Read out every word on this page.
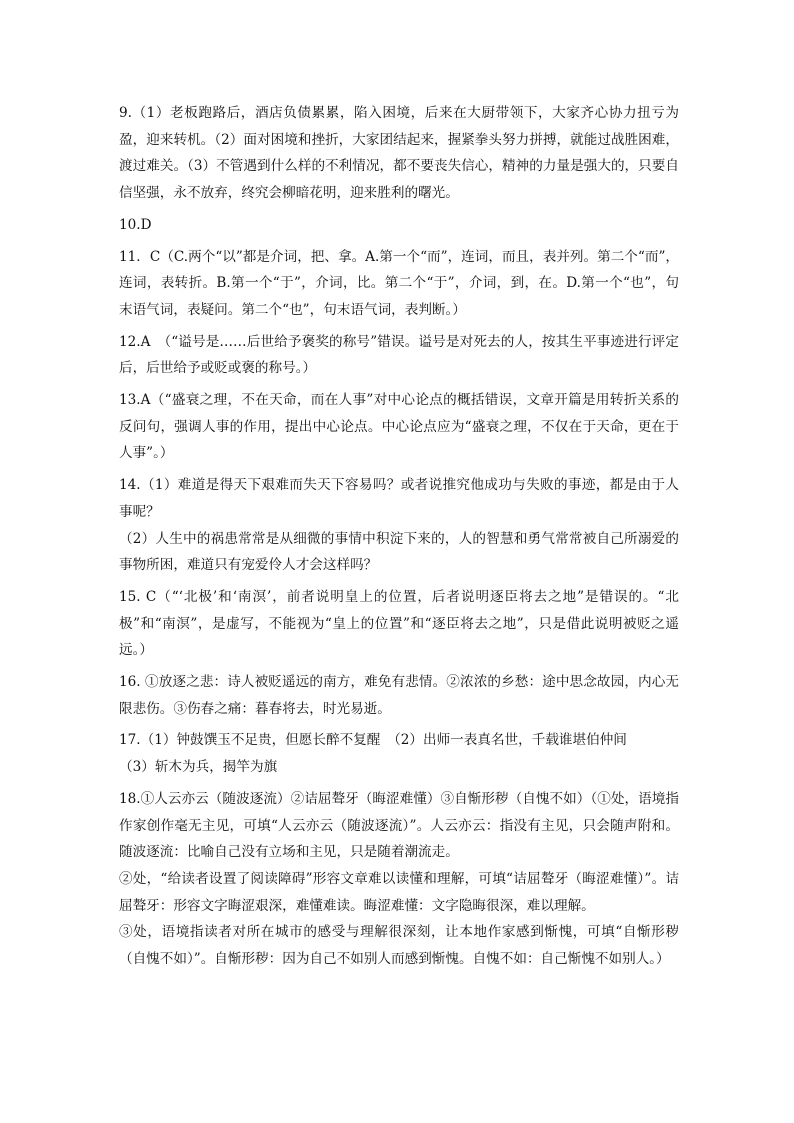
9.（1）老板跑路后，酒店负债累累，陷入困境，后来在大厨带领下，大家齐心协力扭亏为盈，迎来转机。（2）面对困境和挫折，大家团结起来，握紧拳头努力拼搏，就能过战胜困难，渡过难关。（3）不管遇到什么样的不利情况，都不要丧失信心，精神的力量是强大的，只要自信坚强，永不放弃，终究会柳暗花明，迎来胜利的曙光。

10.D

11．C（C.两个“以”都是介词，把、拿。A.第一个“而”，连词，而且，表并列。第二个“而”，连词，表转折。B.第一个“于”，介词，比。第二个“于”，介词，到，在。D.第一个“也”，句末语气词，表疑问。第二个“也”，句末语气词，表判断。）

12.A　（“谥号是……后世给予褒奖的称号”错误。谥号是对死去的人，按其生平事迹进行评定后，后世给予或贬或褒的称号。）

13.A（“盛衰之理，不在天命，而在人事”对中心论点的概括错误，文章开篇是用转折关系的反问句，强调人事的作用，提出中心论点。中心论点应为“盛衰之理，不仅在于天命，更在于人事”。）

14.（1）难道是得天下艰难而失天下容易吗？或者说推究他成功与失败的事迹，都是由于人事呢？

（2）人生中的祸患常常是从细微的事情中积淀下来的，人的智慧和勇气常常被自己所溺爱的事物所困，难道只有宠爱伶人才会这样吗？

15. C（“‘北极’和‘南溟’，前者说明皇上的位置，后者说明逐臣将去之地”是错误的。“北极”和“南溟”，是虚写，不能视为“皇上的位置”和“逐臣将去之地”，只是借此说明被贬之遥远。）

16. ①放逐之悲：诗人被贬遥远的南方，难免有悲情。②浓浓的乡愁：途中思念故园，内心无限悲伤。③伤春之痛：暮春将去，时光易逝。

17.（1）钟鼓馔玉不足贵，但愿长醉不复醒　（2）出师一表真名世，千载谁堪伯仲间

（3）斩木为兵，揭竿为旗

18.①人云亦云（随波逐流）②诘屈聱牙（晦涩难懂）③自惭形秽（自愧不如）（①处，语境指作家创作毫无主见，可填“人云亦云（随波逐流）”。人云亦云：指没有主见，只会随声附和。随波逐流：比喻自己没有立场和主见，只是随着潮流走。

②处，“给读者设置了阅读障碍”形容文章难以读懂和理解，可填“诘屈聱牙（晦涩难懂）”。诘屈聱牙：形容文字晦涩艰深，难懂难读。晦涩难懂：文字隐晦很深，难以理解。

③处，语境指读者对所在城市的感受与理解很深刻，让本地作家感到惭愧，可填“自惭形秽（自愧不如）”。自惭形秽：因为自己不如别人而感到惭愧。自愧不如：自己惭愧不如别人。）
